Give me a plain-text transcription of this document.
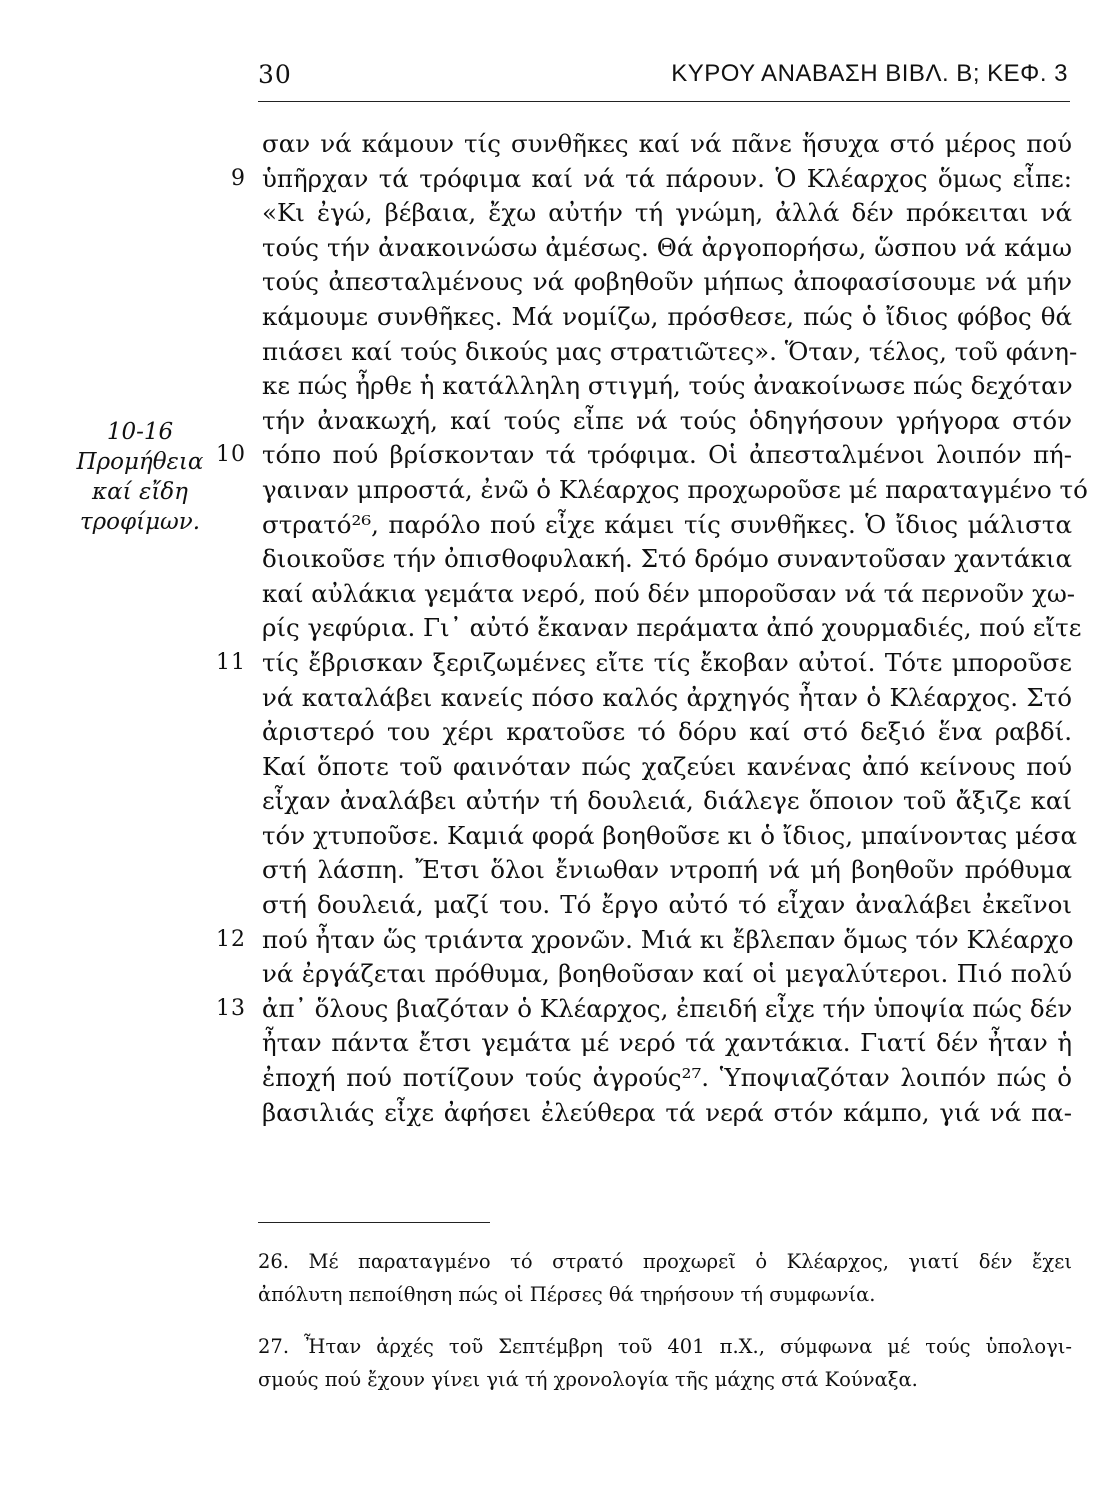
30	ΚΥΡΟΥ ΑΝΑΒΑΣΗ ΒΙΒΛ. Β; ΚΕΦ. 3
10-16
Προμήθεια
καί εἴδη
τροφίμων.
σαν νά κάμουν τίς συνθῆκες καί νά πᾶνε ἥσυχα στό μέρος πού
9 ὑπῆρχαν τά τρόφιμα καί νά τά πάρουν. Ὁ Κλέαρχος ὅμως εἶπε:
«Κι ἐγώ, βέβαια, ἔχω αὐτήν τή γνώμη, ἀλλά δέν πρόκειται νά
τούς τήν ἀνακοινώσω ἀμέσως. Θά ἀργοπορήσω, ὥσπου νά κάμω
τούς ἀπεσταλμένους νά φοβηθοῦν μήπως ἀποφασίσουμε νά μήν
κάμουμε συνθῆκες. Μά νομίζω, πρόσθεσε, πώς ὁ ἴδιος φόβος θά
πιάσει καί τούς δικούς μας στρατιῶτες». Ὅταν, τέλος, τοῦ φάνη-
κε πώς ἦρθε ἡ κατάλληλη στιγμή, τούς ἀνακοίνωσε πώς δεχόταν
τήν ἀνακωχή, καί τούς εἶπε νά τούς ὁδηγήσουν γρήγορα στόν
10 τόπο πού βρίσκονταν τά τρόφιμα. Οἱ ἀπεσταλμένοι λοιπόν πή-
γαιναν μπροστά, ἐνῶ ὁ Κλέαρχος προχωροῦσε μέ παραταγμένο τό
στρατό²⁶, παρόλο πού εἶχε κάμει τίς συνθῆκες. Ὁ ἴδιος μάλιστα
διοικοῦσε τήν ὀπισθοφυλακή. Στό δρόμο συναντοῦσαν χαντάκια
καί αὐλάκια γεμάτα νερό, πού δέν μποροῦσαν νά τά περνοῦν χω-
ρίς γεφύρια. Γι᾽ αὐτό ἔκαναν περάματα ἀπό χουρμαδιές, πού εἴτε
11 τίς ἔβρισκαν ξεριζωμένες εἴτε τίς ἔκοβαν αὐτοί. Τότε μποροῦσε
νά καταλάβει κανείς πόσο καλός ἀρχηγός ἦταν ὁ Κλέαρχος. Στό
ἀριστερό του χέρι κρατοῦσε τό δόρυ καί στό δεξιό ἕνα ραβδί.
Καί ὅποτε τοῦ φαινόταν πώς χαζεύει κανένας ἀπό κείνους πού
εἶχαν ἀναλάβει αὐτήν τή δουλειά, διάλεγε ὅποιον τοῦ ἄξιζε καί
τόν χτυποῦσε. Καμιά φορά βοηθοῦσε κι ὁ ἴδιος, μπαίνοντας μέσα
στή λάσπη. Ἔτσι ὅλοι ἔνιωθαν ντροπή νά μή βοηθοῦν πρόθυμα
στή δουλειά, μαζί του. Τό ἔργο αὐτό τό εἶχαν ἀναλάβει ἐκεῖνοι
12 πού ἦταν ὥς τριάντα χρονῶν. Μιά κι ἔβλεπαν ὅμως τόν Κλέαρχο
νά ἐργάζεται πρόθυμα, βοηθοῦσαν καί οἱ μεγαλύτεροι. Πιό πολύ
13 ἀπ᾽ ὅλους βιαζόταν ὁ Κλέαρχος, ἐπειδή εἶχε τήν ὑποψία πώς δέν
ἦταν πάντα ἔτσι γεμάτα μέ νερό τά χαντάκια. Γιατί δέν ἦταν ἡ
ἐποχή πού ποτίζουν τούς ἀγρούς²⁷. Ὑποψιαζόταν λοιπόν πώς ὁ
βασιλιάς εἶχε ἀφήσει ἐλεύθερα τά νερά στόν κάμπο, γιά νά πα-
26. Μέ παραταγμένο τό στρατό προχωρεῖ ὁ Κλέαρχος, γιατί δέν ἔχει
ἀπόλυτη πεποίθηση πώς οἱ Πέρσες θά τηρήσουν τή συμφωνία.
27. Ἦταν ἀρχές τοῦ Σεπτέμβρη τοῦ 401 π.Χ., σύμφωνα μέ τούς ὑπολογι-
σμούς πού ἔχουν γίνει γιά τή χρονολογία τῆς μάχης στά Κούναξα.
